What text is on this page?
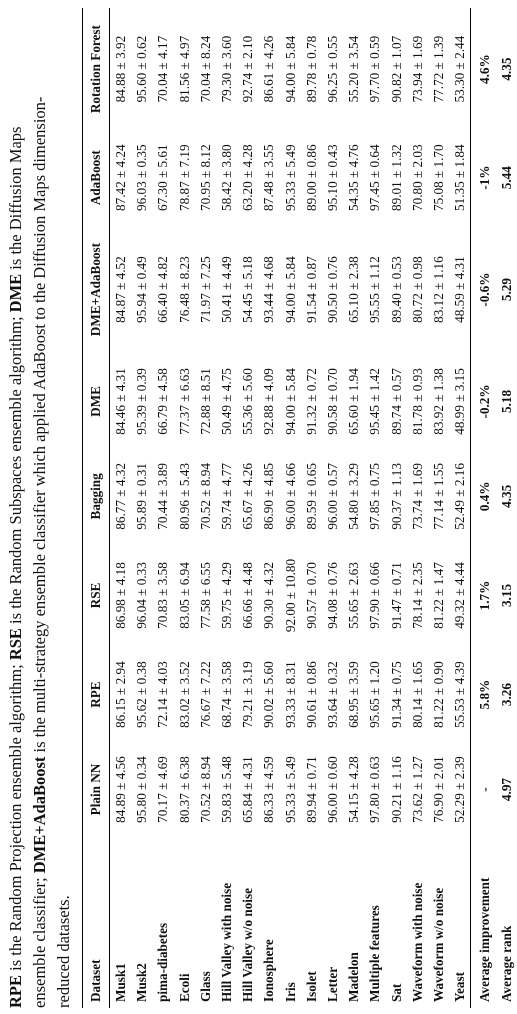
RPE is the Random Projection ensemble algorithm; RSE is the Random Subspaces ensemble algorithm; DME is the Diffusion Maps
ensemble classifier; DME+AdaBoost is the multi-strategy ensemble classifier which applied AdaBoost to the Diffusion Maps dimension-
reduced datasets. Dataset	Plain NN	RPE	RSE	Bagging	DME	DME+AdaBoost	AdaBoost	Rotation Forest
Musk1	84.89 ± 4.56	86.15 ± 2.94	86.98 ± 4.18	86.77 ± 4.32	84.46 ± 4.31	84.87 ± 4.52	87.42 ± 4.24	84.88 ± 3.92
Musk2	95.80 ± 0.34	95.62 ± 0.38	96.04 ± 0.33	95.89 ± 0.31	95.39 ± 0.39	95.94 ± 0.49	96.03 ± 0.35	95.60 ± 0.62
pima-diabetes	70.17 ± 4.69	72.14 ± 4.03	70.83 ± 3.58	70.44 ± 3.89	66.79 ± 4.58	66.40 ± 4.82	67.30 ± 5.61	70.04 ± 4.17
Ecoli	80.37 ± 6.38	83.02 ± 3.52	83.05 ± 6.94	80.96 ± 5.43	77.37 ± 6.63	76.48 ± 8.23	78.87 ± 7.19	81.56 ± 4.97
Glass	70.52 ± 8.94	76.67 ± 7.22	77.58 ± 6.55	70.52 ± 8.94	72.88 ± 8.51	71.97 ± 7.25	70.95 ± 8.12	70.04 ± 8.24
Hill Valley with noise	59.83 ± 5.48	68.74 ± 3.58	59.75 ± 4.29	59.74 ± 4.77	50.49 ± 4.75	50.41 ± 4.49	58.42 ± 3.80	79.30 ± 3.60
Hill Valley w/o noise	65.84 ± 4.31	79.21 ± 3.19	66.66 ± 4.48	65.67 ± 4.26	55.36 ± 5.60	54.45 ± 5.18	63.20 ± 4.28	92.74 ± 2.10
Ionosphere	86.33 ± 4.59	90.02 ± 5.60	90.30 ± 4.32	86.90 ± 4.85	92.88 ± 4.09	93.44 ± 4.68	87.48 ± 3.55	86.61 ± 4.26
Iris	95.33 ± 5.49	93.33 ± 8.31	92.00 ± 10.80	96.00 ± 4.66	94.00 ± 5.84	94.00 ± 5.84	95.33 ± 5.49	94.00 ± 5.84
Isolet	89.94 ± 0.71	90.61 ± 0.86	90.57 ± 0.70	89.59 ± 0.65	91.32 ± 0.72	91.54 ± 0.87	89.00 ± 0.86	89.78 ± 0.78
Letter	96.00 ± 0.60	93.64 ± 0.32	94.08 ± 0.76	96.00 ± 0.57	90.58 ± 0.70	90.50 ± 0.76	95.10 ± 0.43	96.25 ± 0.55
Madelon	54.15 ± 4.28	68.95 ± 3.59	55.65 ± 2.63	54.80 ± 3.29	65.60 ± 1.94	65.10 ± 2.38	54.35 ± 4.76	55.20 ± 3.54
Multiple features	97.80 ± 0.63	95.65 ± 1.20	97.90 ± 0.66	97.85 ± 0.75	95.45 ± 1.42	95.55 ± 1.12	97.45 ± 0.64	97.70 ± 0.59
Sat	90.21 ± 1.16	91.34 ± 0.75	91.47 ± 0.71	90.37 ± 1.13	89.74 ± 0.57	89.40 ± 0.53	89.01 ± 1.32	90.82 ± 1.07
Waveform with noise	73.62 ± 1.27	80.14 ± 1.65	78.14 ± 2.35	73.74 ± 1.69	81.78 ± 0.93	80.72 ± 0.98	70.80 ± 2.03	73.94 ± 1.69
Waveform w/o noise	76.90 ± 2.01	81.22 ± 0.90	81.22 ± 1.47	77.14 ± 1.55	83.92 ± 1.38	83.12 ± 1.16	75.08 ± 1.70	77.72 ± 1.39
Yeast	52.29 ± 2.39	55.53 ± 4.39	49.32 ± 4.44	52.49 ± 2.16	48.99 ± 3.15	48.59 ± 4.31	51.35 ± 1.84	53.30 ± 2.44
Average improvement	-	5.8%	1.7%	0.4%	-0.2%	-0.6%	-1%	4.6%
Average rank	4.97	3.26	3.15	4.35	5.18	5.29	5.44	4.35
